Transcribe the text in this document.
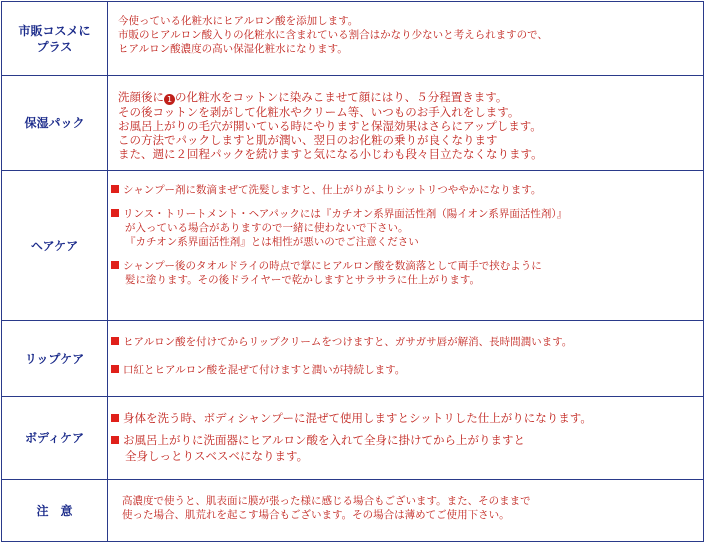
市販コスメに
プラス
今使っている化粧水にヒアルロン酸を添加します。
市販のヒアルロン酸入りの化粧水に含まれている割合はかなり少ないと考えられますので、
ヒアルロン酸濃度の高い保湿化粧水になります。
保湿パック
洗顔後に 1 の化粧水をコットンに染みこませて顔にはり、５分程置きます。
その後コットンを剥がして化粧水やクリーム等、いつものお手入れをします。
お風呂上がりの毛穴が開いている時にやりますと保湿効果はさらにアップします。
この方法でパックしますと肌が潤い、翌日のお化粧の乗りが良くなります
また、週に２回程パックを続けますと気になる小じわも段々目立たなくなります。
ヘアケア
シャンプー剤に数滴まぜて洗髪しますと、仕上がりがよりシットリつややかになります。
リンス・トリートメント・ヘアパックには『カチオン系界面活性剤（陽イオン系界面活性剤）』
が入っている場合がありますので一緒に使わないで下さい。
『カチオン系界面活性剤』とは相性が悪いのでご注意ください
シャンプー後のタオルドライの時点で掌にヒアルロン酸を数滴落として両手で挟むように
髪に塗ります。その後ドライヤーで乾かしますとサラサラに仕上がります。
リップケア
ヒアルロン酸を付けてからリップクリームをつけますと、ガサガサ唇が解消、長時間潤います。
口紅とヒアルロン酸を混ぜて付けますと潤いが持続します。
ボディケア
身体を洗う時、ボディシャンプーに混ぜて使用しますとシットリした仕上がりになります。
お風呂上がりに洗面器にヒアルロン酸を入れて全身に掛けてから上がりますと
全身しっとりスベスベになります。
注　意
高濃度で使うと、肌表面に膜が張った様に感じる場合もございます。また、そのままで
使った場合、肌荒れを起こす場合もございます。その場合は薄めてご使用下さい。
